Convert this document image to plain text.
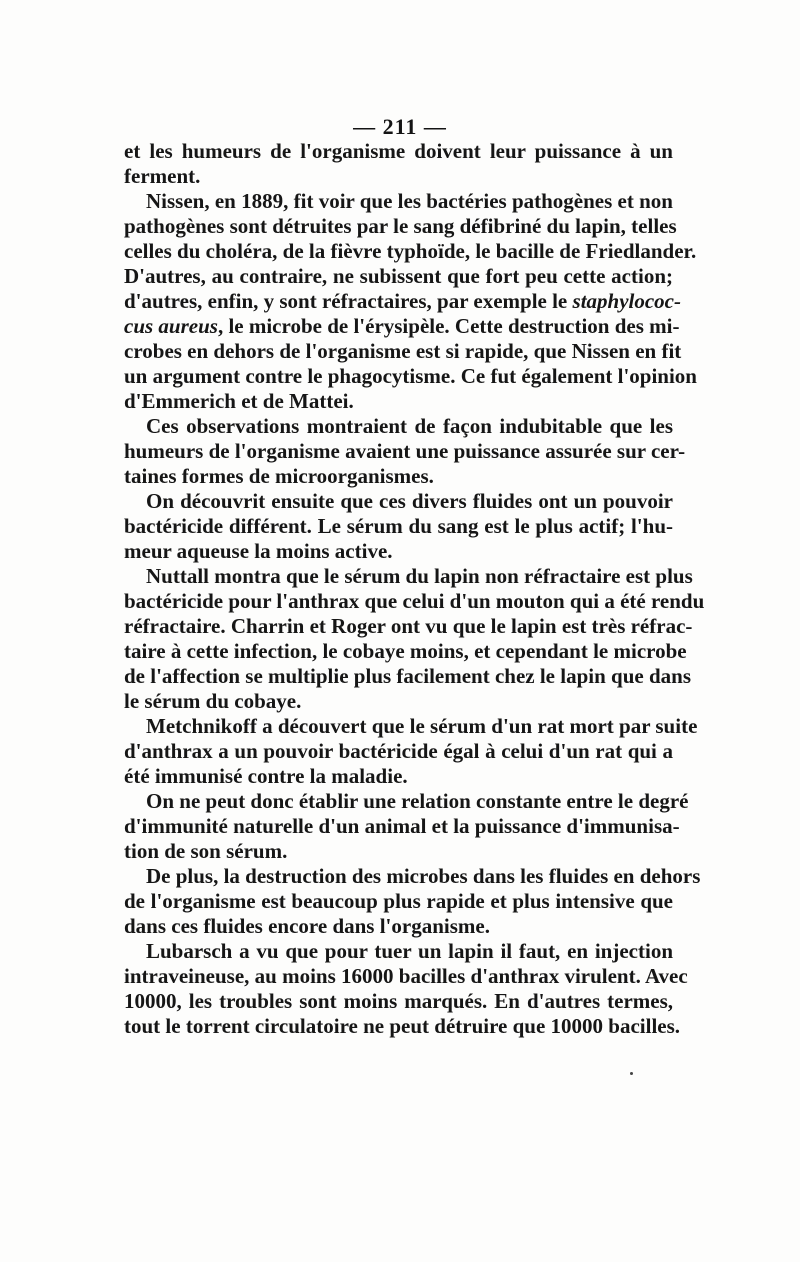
— 211 —

et les humeurs de l'organisme doivent leur puissance à un
ferment.

Nissen, en 1889, fit voir que les bactéries pathogènes et non
pathogènes sont détruites par le sang défibriné du lapin, telles
celles du choléra, de la fièvre typhoïde, le bacille de Friedlander.
D'autres, au contraire, ne subissent que fort peu cette action;
d'autres, enfin, y sont réfractaires, par exemple le staphylococ-
cus aureus, le microbe de l'érysipèle. Cette destruction des mi-
crobes en dehors de l'organisme est si rapide, que Nissen en fit
un argument contre le phagocytisme. Ce fut également l'opinion
d'Emmerich et de Mattei.

Ces observations montraient de façon indubitable que les
humeurs de l'organisme avaient une puissance assurée sur cer-
taines formes de microorganismes.

On découvrit ensuite que ces divers fluides ont un pouvoir
bactéricide différent. Le sérum du sang est le plus actif; l'hu-
meur aqueuse la moins active.

Nuttall montra que le sérum du lapin non réfractaire est plus
bactéricide pour l'anthrax que celui d'un mouton qui a été rendu
réfractaire. Charrin et Roger ont vu que le lapin est très réfrac-
taire à cette infection, le cobaye moins, et cependant le microbe
de l'affection se multiplie plus facilement chez le lapin que dans
le sérum du cobaye.

Metchnikoff a découvert que le sérum d'un rat mort par suite
d'anthrax a un pouvoir bactéricide égal à celui d'un rat qui a
été immunisé contre la maladie.

On ne peut donc établir une relation constante entre le degré
d'immunité naturelle d'un animal et la puissance d'immunisa-
tion de son sérum.

De plus, la destruction des microbes dans les fluides en dehors
de l'organisme est beaucoup plus rapide et plus intensive que
dans ces fluides encore dans l'organisme.

Lubarsch a vu que pour tuer un lapin il faut, en injection
intraveineuse, au moins 16000 bacilles d'anthrax virulent. Avec
10000, les troubles sont moins marqués. En d'autres termes,
tout le torrent circulatoire ne peut détruire que 10000 bacilles.
